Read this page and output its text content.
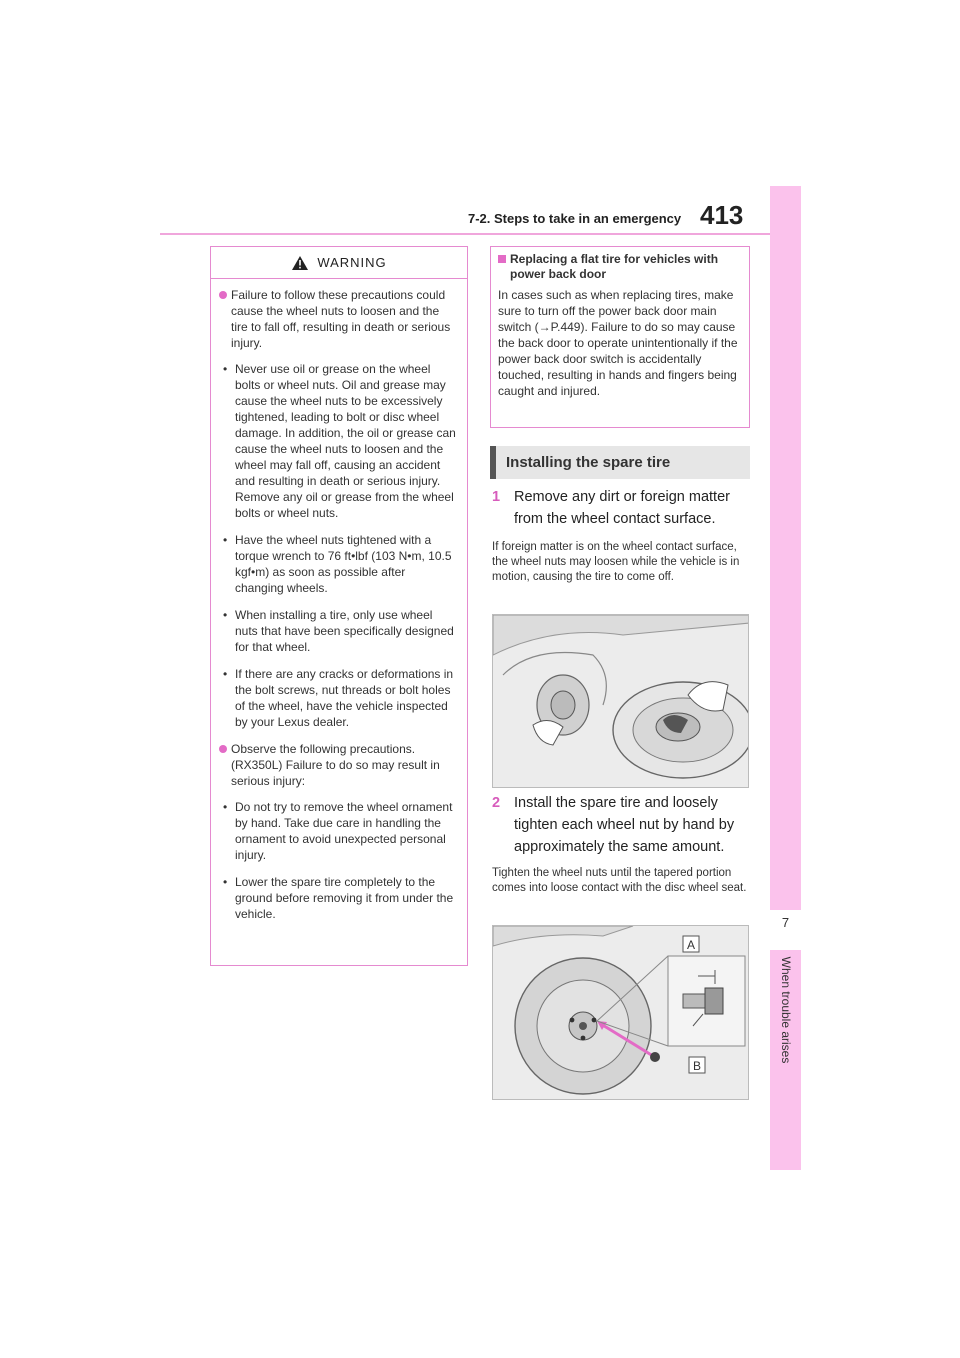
7-2. Steps to take in an emergency 413
7
When trouble arises
WARNING
Failure to follow these precautions could cause the wheel nuts to loosen and the tire to fall off, resulting in death or serious injury.
• Never use oil or grease on the wheel bolts or wheel nuts. Oil and grease may cause the wheel nuts to be excessively tightened, leading to bolt or disc wheel damage. In addition, the oil or grease can cause the wheel nuts to loosen and the wheel may fall off, causing an accident and resulting in death or serious injury. Remove any oil or grease from the wheel bolts or wheel nuts.
• Have the wheel nuts tightened with a torque wrench to 76 ft•lbf (103 N•m, 10.5 kgf•m) as soon as possible after changing wheels.
• When installing a tire, only use wheel nuts that have been specifically designed for that wheel.
• If there are any cracks or deformations in the bolt screws, nut threads or bolt holes of the wheel, have the vehicle inspected by your Lexus dealer.
Observe the following precautions. (RX350L) Failure to do so may result in serious injury:
• Do not try to remove the wheel ornament by hand. Take due care in handling the ornament to avoid unexpected personal injury.
• Lower the spare tire completely to the ground before removing it from under the vehicle.
Replacing a flat tire for vehicles with power back door
In cases such as when replacing tires, make sure to turn off the power back door main switch (→P.449). Failure to do so may cause the back door to operate unintentionally if the power back door switch is accidentally touched, resulting in hands and fingers being caught and injured.
Installing the spare tire
1 Remove any dirt or foreign matter from the wheel contact surface.
If foreign matter is on the wheel contact surface, the wheel nuts may loosen while the vehicle is in motion, causing the tire to come off.
2 Install the spare tire and loosely tighten each wheel nut by hand by approximately the same amount.
Tighten the wheel nuts until the tapered portion comes into loose contact with the disc wheel seat.
A
B
